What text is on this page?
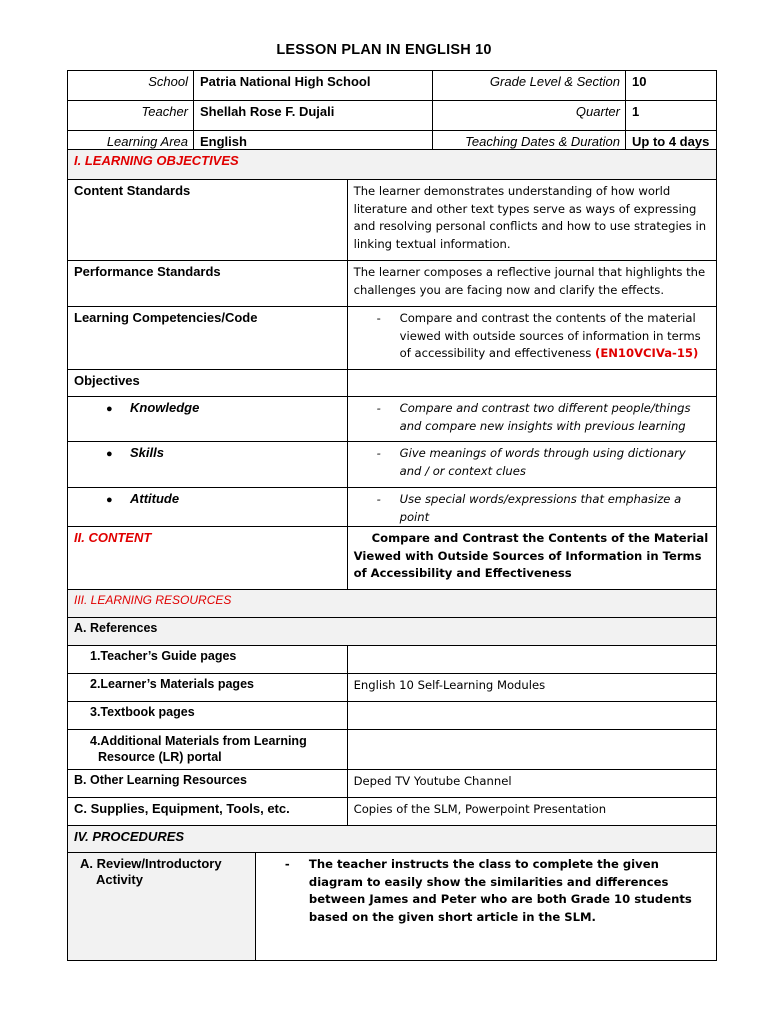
LESSON PLAN IN ENGLISH 10
School	Patria National High School	Grade Level & Section	10
Teacher	Shellah Rose F. Dujali	Quarter	1
Learning Area	English	Teaching Dates & Duration	Up to 4 days
I. LEARNING OBJECTIVES		
Content Standards		The learner demonstrates understanding of how world literature and other text types serve as ways of expressing and resolving personal conflicts and how to use strategies in linking textual information.
Performance Standards		The learner composes a reflective journal that highlights the challenges you are facing now and clarify the effects.
Learning Competencies/Code		- Compare and contrast the contents of the material viewed with outside sources of information in terms of accessibility and effectiveness (EN10VCIVa-15)
Objectives		
● Knowledge		- Compare and contrast two different people/things and compare new insights with previous learning
● Skills		- Give meanings of words through using dictionary and / or context clues
● Attitude		- Use special words/expressions that emphasize a point
II. CONTENT		Compare and Contrast the Contents of the Material Viewed with Outside Sources of Information in Terms of Accessibility and Effectiveness
III. LEARNING RESOURCES		
A. References		
1.Teacher’s Guide pages		
2.Learner’s Materials pages		English 10 Self-Learning Modules
3.Textbook pages		
4.Additional Materials from Learning Resource (LR) portal		
B. Other Learning Resources		Deped TV Youtube Channel
C. Supplies, Equipment, Tools, etc.		Copies of the SLM, Powerpoint Presentation
IV. PROCEDURES		

A. Review/Introductory Activity	- The teacher instructs the class to complete the given diagram to easily show the similarities and differences between James and Peter who are both Grade 10 students based on the given short article in the SLM.	
